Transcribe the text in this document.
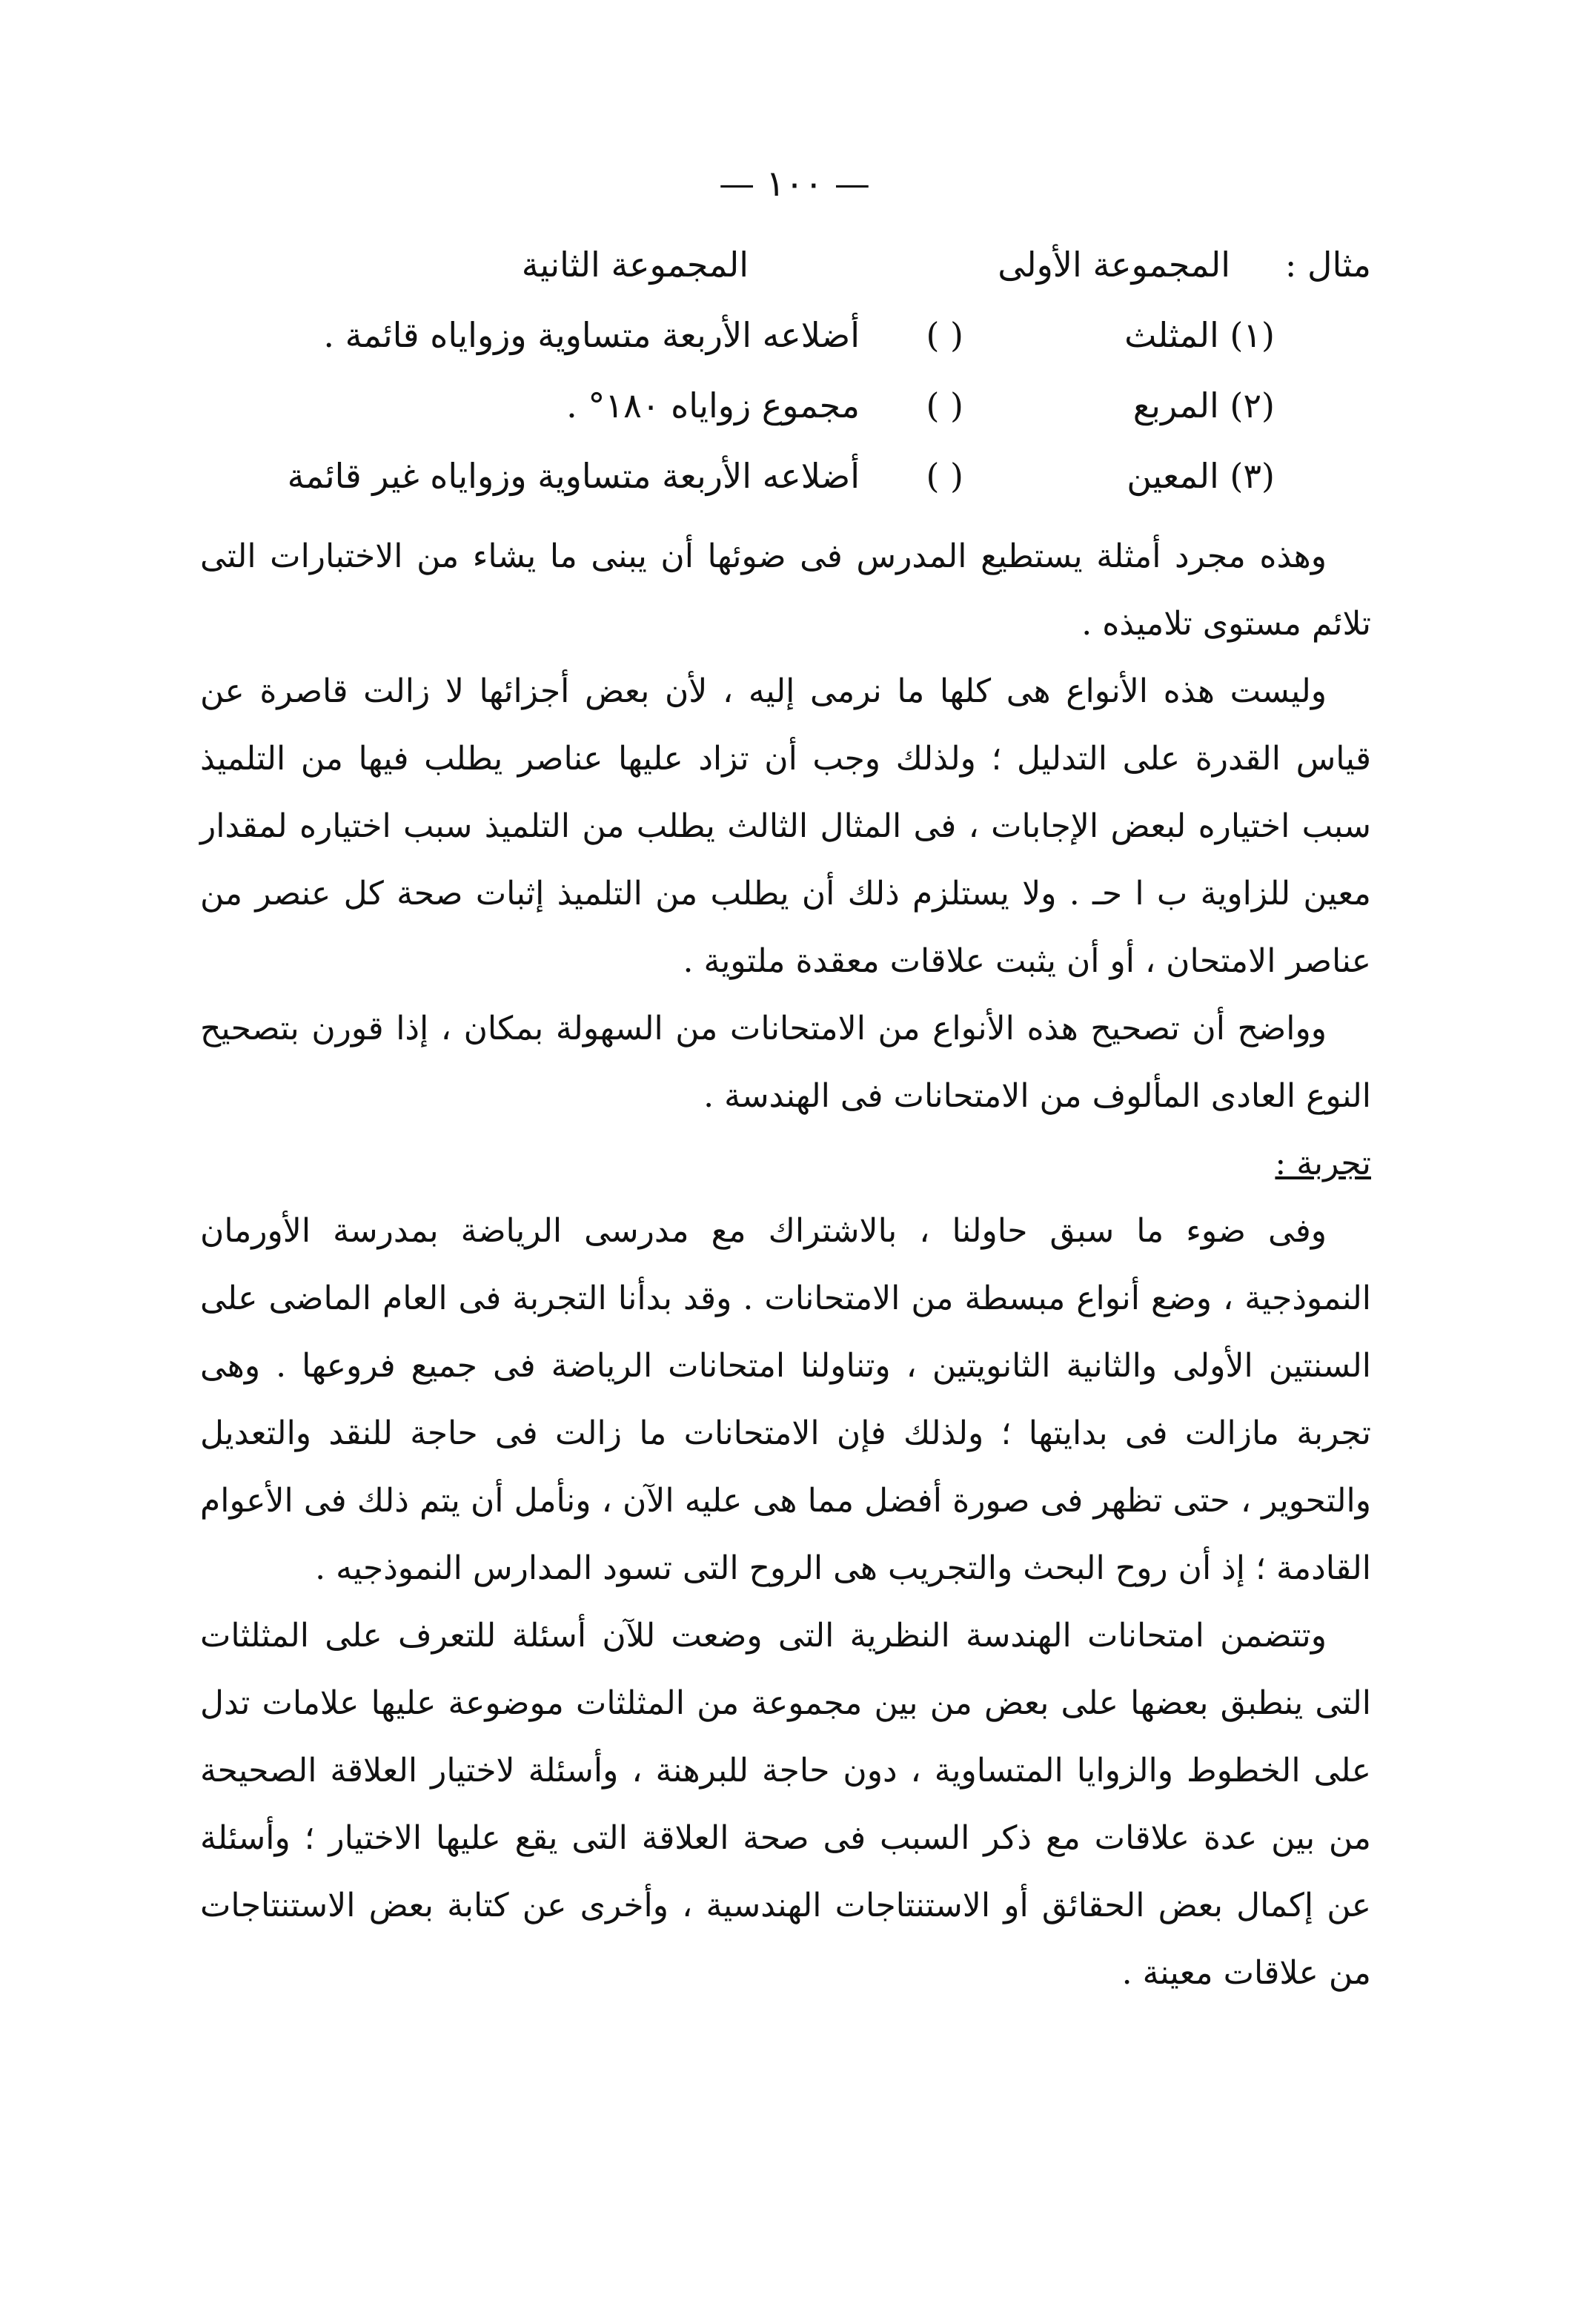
— ١٠٠ —
مثال :
المجموعة الأولى
المجموعة الثانية
(١) المثلث
( )
أضلاعه الأربعة متساوية وزواياه قائمة .
(٢) المربع
( )
مجموع زواياه ١٨٠° .
(٣) المعين
( )
أضلاعه الأربعة متساوية وزواياه غير قائمة

وهذه مجرد أمثلة يستطيع المدرس فى ضوئها أن يبنى ما يشاء من الاختبارات التى تلائم مستوى تلاميذه .

وليست هذه الأنواع هى كلها ما نرمى إليه ، لأن بعض أجزائها لا زالت قاصرة عن قياس القدرة على التدليل ؛ ولذلك وجب أن تزاد عليها عناصر يطلب فيها من التلميذ سبب اختياره لبعض الإجابات ، فى المثال الثالث يطلب من التلميذ سبب اختياره لمقدار معين للزاوية ب ا حـ . ولا يستلزم ذلك أن يطلب من التلميذ إثبات صحة كل عنصر من عناصر الامتحان ، أو أن يثبت علاقات معقدة ملتوية .

وواضح أن تصحيح هذه الأنواع من الامتحانات من السهولة بمكان ، إذا قورن بتصحيح النوع العادى المألوف من الامتحانات فى الهندسة .

تجربة :

وفى ضوء ما سبق حاولنا ، بالاشتراك مع مدرسى الرياضة بمدرسة الأورمان النموذجية ، وضع أنواع مبسطة من الامتحانات . وقد بدأنا التجربة فى العام الماضى على السنتين الأولى والثانية الثانويتين ، وتناولنا امتحانات الرياضة فى جميع فروعها . وهى تجربة مازالت فى بدايتها ؛ ولذلك فإن الامتحانات ما زالت فى حاجة للنقد والتعديل والتحوير ، حتى تظهر فى صورة أفضل مما هى عليه الآن ، ونأمل أن يتم ذلك فى الأعوام القادمة ؛ إذ أن روح البحث والتجريب هى الروح التى تسود المدارس النموذجيه .

وتتضمن امتحانات الهندسة النظرية التى وضعت للآن أسئلة للتعرف على المثلثات التى ينطبق بعضها على بعض من بين مجموعة من المثلثات موضوعة عليها علامات تدل على الخطوط والزوايا المتساوية ، دون حاجة للبرهنة ، وأسئلة لاختيار العلاقة الصحيحة من بين عدة علاقات مع ذكر السبب فى صحة العلاقة التى يقع عليها الاختيار ؛ وأسئلة عن إكمال بعض الحقائق أو الاستنتاجات الهندسية ، وأخرى عن كتابة بعض الاستنتاجات من علاقات معينة .
